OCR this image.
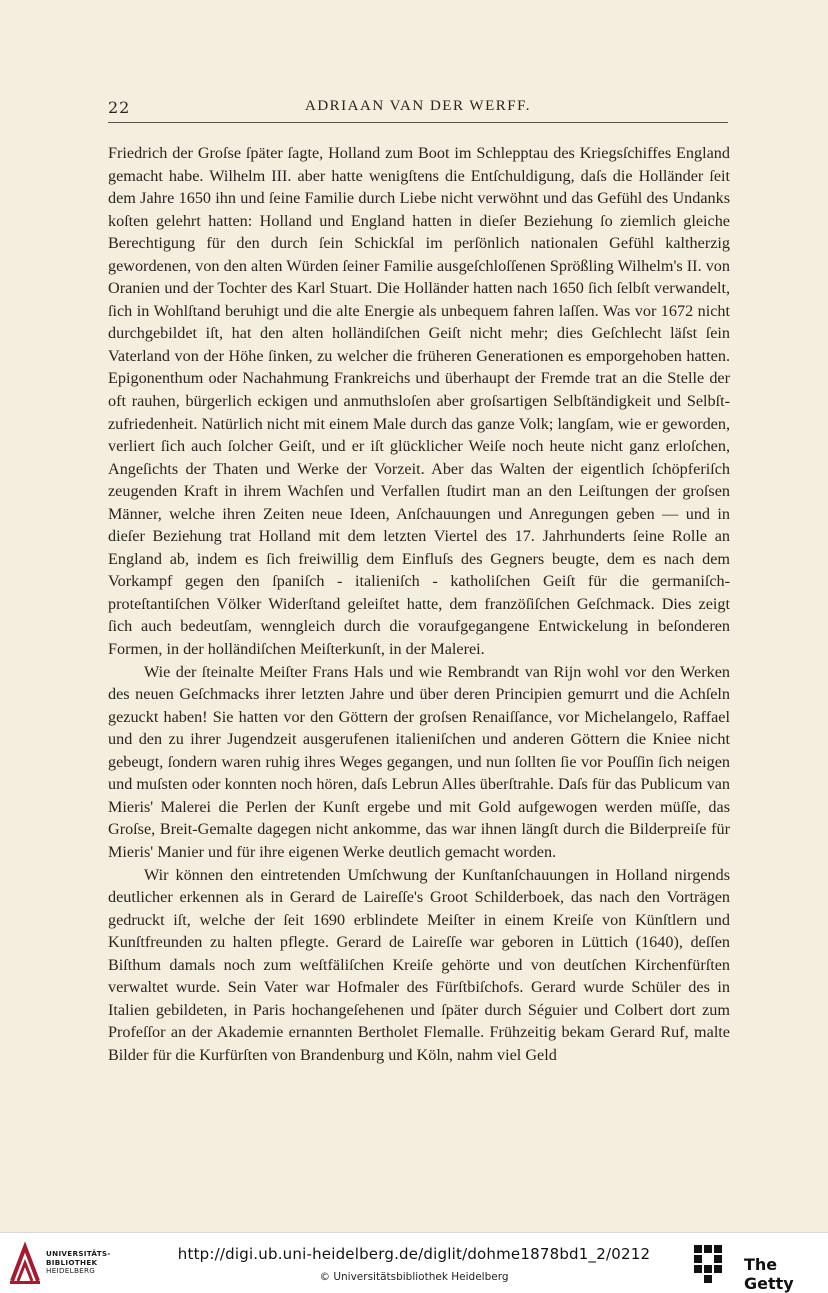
22	ADRIAAN VAN DER WERFF.

Friedrich der Groſse ſpäter ſagte, Holland zum Boot im Schlepptau des Kriegsſchiffes England gemacht habe. Wilhelm III. aber hatte wenigſtens die Entſchuldigung, daſs die Holländer ſeit dem Jahre 1650 ihn und ſeine Familie durch Liebe nicht verwöhnt und das Gefühl des Undanks koſten gelehrt hatten: Holland und England hatten in dieſer Beziehung ſo ziemlich gleiche Berechtigung für den durch ſein Schickſal im perſönlich nationalen Gefühl kaltherzig gewordenen, von den alten Würden ſeiner Familie ausgeſchloſſenen Sprößling Wilhelm's II. von Oranien und der Tochter des Karl Stuart. Die Holländer hatten nach 1650 ſich ſelbſt verwandelt, ſich in Wohlſtand beruhigt und die alte Energie als unbequem fahren laſſen. Was vor 1672 nicht durchgebildet iſt, hat den alten holländiſchen Geiſt nicht mehr; dies Geſchlecht läſst ſein Vaterland von der Höhe ſinken, zu welcher die früheren Generationen es emporgehoben hatten. Epigonenthum oder Nachahmung Frankreichs und überhaupt der Fremde trat an die Stelle der oft rauhen, bürgerlich eckigen und anmuthsloſen aber groſsartigen Selbſtändigkeit und Selbſtzufriedenheit. Natürlich nicht mit einem Male durch das ganze Volk; langſam, wie er geworden, verliert ſich auch ſolcher Geiſt, und er iſt glücklicher Weiſe noch heute nicht ganz erloſchen, Angeſichts der Thaten und Werke der Vorzeit. Aber das Walten der eigentlich ſchöpferiſch zeugenden Kraft in ihrem Wachſen und Verfallen ſtudirt man an den Leiſtungen der groſsen Männer, welche ihren Zeiten neue Ideen, Anſchauungen und Anregungen geben — und in dieſer Beziehung trat Holland mit dem letzten Viertel des 17. Jahrhunderts ſeine Rolle an England ab, indem es ſich freiwillig dem Einfluſs des Gegners beugte, dem es nach dem Vorkampf gegen den ſpaniſch - italieniſch - katholiſchen Geiſt für die germaniſch-proteſtantiſchen Völker Widerſtand geleiſtet hatte, dem franzöſiſchen Geſchmack. Dies zeigt ſich auch bedeutſam, wenngleich durch die voraufgegangene Entwickelung in beſonderen Formen, in der holländiſchen Meiſterkunſt, in der Malerei.

Wie der ſteinalte Meiſter Frans Hals und wie Rembrandt van Rijn wohl vor den Werken des neuen Geſchmacks ihrer letzten Jahre und über deren Principien gemurrt und die Achſeln gezuckt haben! Sie hatten vor den Göttern der groſsen Renaiſſance, vor Michelangelo, Raffael und den zu ihrer Jugendzeit ausgerufenen italieniſchen und anderen Göttern die Kniee nicht gebeugt, ſondern waren ruhig ihres Weges gegangen, und nun ſollten ſie vor Pouſſin ſich neigen und muſsten oder konnten noch hören, daſs Lebrun Alles überſtrahle. Daſs für das Publicum van Mieris' Malerei die Perlen der Kunſt ergebe und mit Gold aufgewogen werden müſſe, das Groſse, Breit-Gemalte dagegen nicht ankomme, das war ihnen längſt durch die Bilderpreiſe für Mieris' Manier und für ihre eigenen Werke deutlich gemacht worden.

Wir können den eintretenden Umſchwung der Kunſtanſchauungen in Holland nirgends deutlicher erkennen als in Gerard de Laireſſe's Groot Schilderboek, das nach den Vorträgen gedruckt iſt, welche der ſeit 1690 erblindete Meiſter in einem Kreiſe von Künſtlern und Kunſtfreunden zu halten pflegte. Gerard de Laireſſe war geboren in Lüttich (1640), deſſen Biſthum damals noch zum weſtfäliſchen Kreiſe gehörte und von deutſchen Kirchenfürſten verwaltet wurde. Sein Vater war Hofmaler des Fürſtbiſchofs. Gerard wurde Schüler des in Italien gebildeten, in Paris hochangeſehenen und ſpäter durch Séguier und Colbert dort zum Profeſſor an der Akademie ernannten Bertholet Flemalle. Frühzeitig bekam Gerard Ruf, malte Bilder für die Kurfürſten von Brandenburg und Köln, nahm viel Geld

UNIVERSITÄTS-
BIBLIOTHEK
HEIDELBERG
http://digi.ub.uni-heidelberg.de/diglit/dohme1878bd1_2/0212
© Universitätsbibliothek Heidelberg
The Getty
